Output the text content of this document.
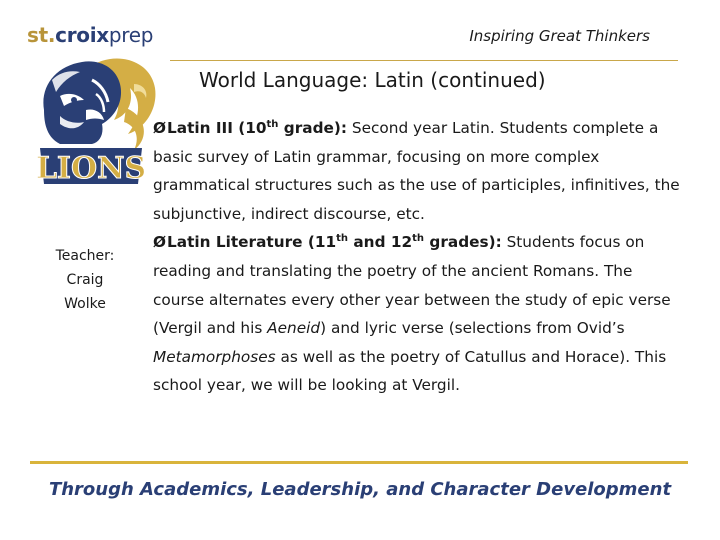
st.croixprep	Inspiring Great Thinkers
LIONS
World Language: Latin (continued)
Teacher:
Craig
Wolke

ØLatin III (10th grade): Second year Latin. Students complete a basic survey of Latin grammar, focusing on more complex grammatical structures such as the use of participles, infinitives, the subjunctive, indirect discourse, etc.

ØLatin Literature (11th and 12th grades): Students focus on reading and translating the poetry of the ancient Romans. The course alternates every other year between the study of epic verse (Vergil and his Aeneid) and lyric verse (selections from Ovid’s Metamorphoses as well as the poetry of Catullus and Horace). This school year, we will be looking at Vergil.

Through Academics, Leadership, and Character Development
